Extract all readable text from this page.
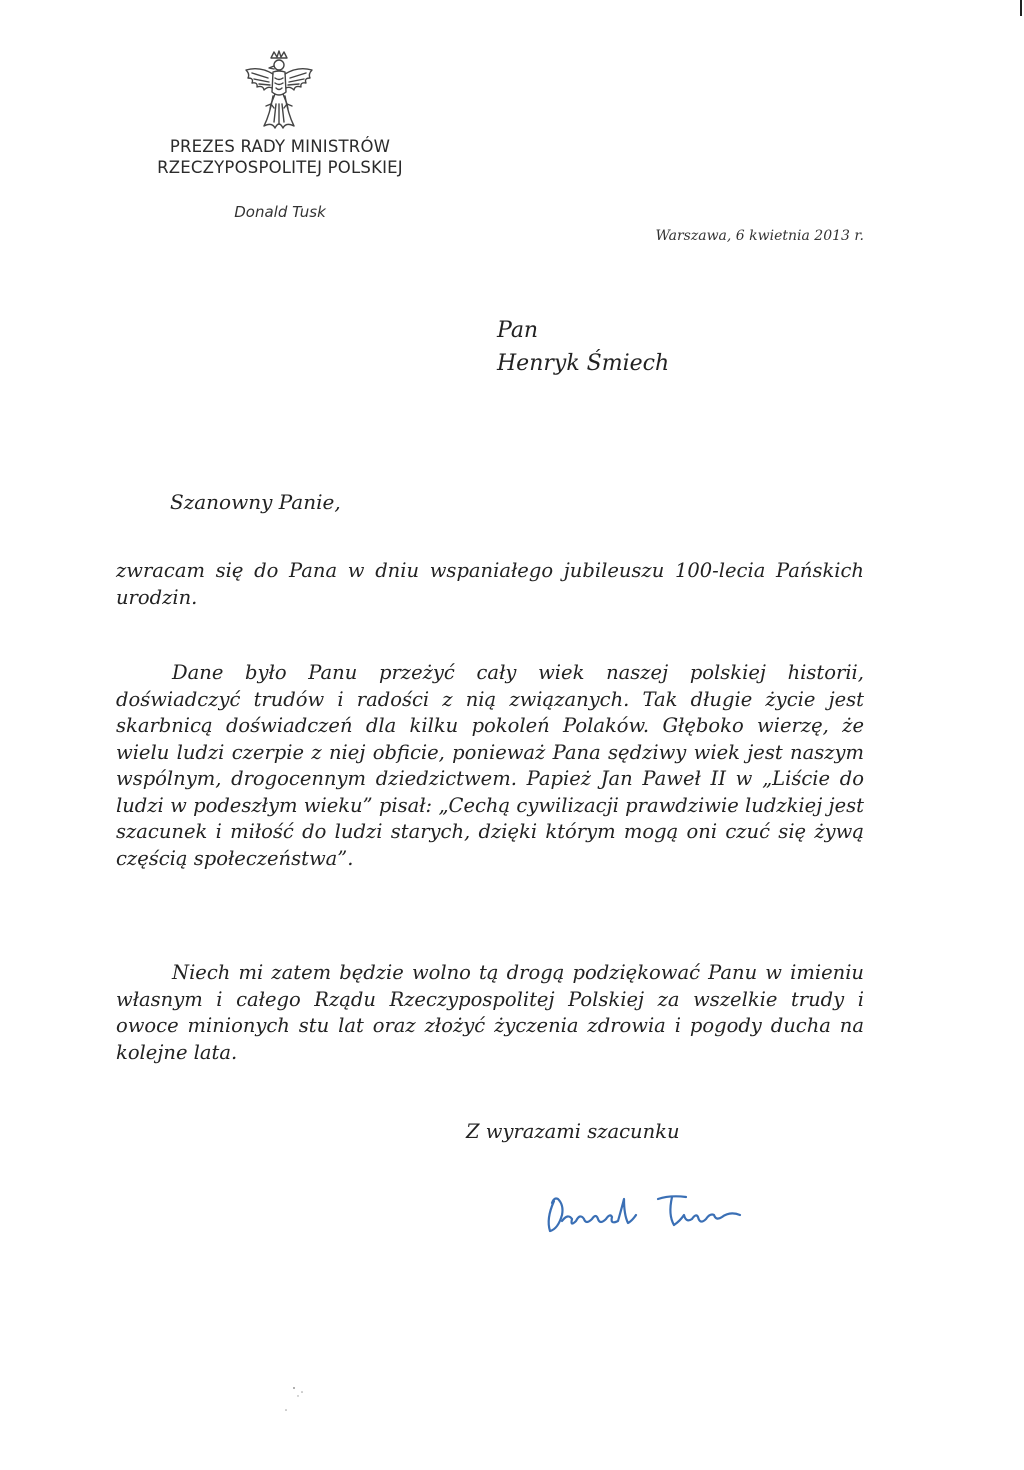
PREZES RADY MINISTRÓW
RZECZYPOSPOLITEJ POLSKIEJ
Donald Tusk
Warszawa, 6 kwietnia 2013 r.
Pan
Henryk Śmiech
Szanowny Panie,
zwracam się do Pana w dniu wspaniałego jubileuszu 100-lecia Pańskich urodzin.
Dane było Panu przeżyć cały wiek naszej polskiej historii, doświadczyć trudów i radości z nią związanych. Tak długie życie jest skarbnicą doświadczeń dla kilku pokoleń Polaków. Głęboko wierzę, że wielu ludzi czerpie z niej obficie, ponieważ Pana sędziwy wiek jest naszym wspólnym, drogocennym dziedzictwem. Papież Jan Paweł II w „Liście do ludzi w podeszłym wieku” pisał: „Cechą cywilizacji prawdziwie ludzkiej jest szacunek i miłość do ludzi starych, dzięki którym mogą oni czuć się żywą częścią społeczeństwa”.
Niech mi zatem będzie wolno tą drogą podziękować Panu w imieniu własnym i całego Rządu Rzeczypospolitej Polskiej za wszelkie trudy i owoce minionych stu lat oraz złożyć życzenia zdrowia i pogody ducha na kolejne lata.
Z wyrazami szacunku
